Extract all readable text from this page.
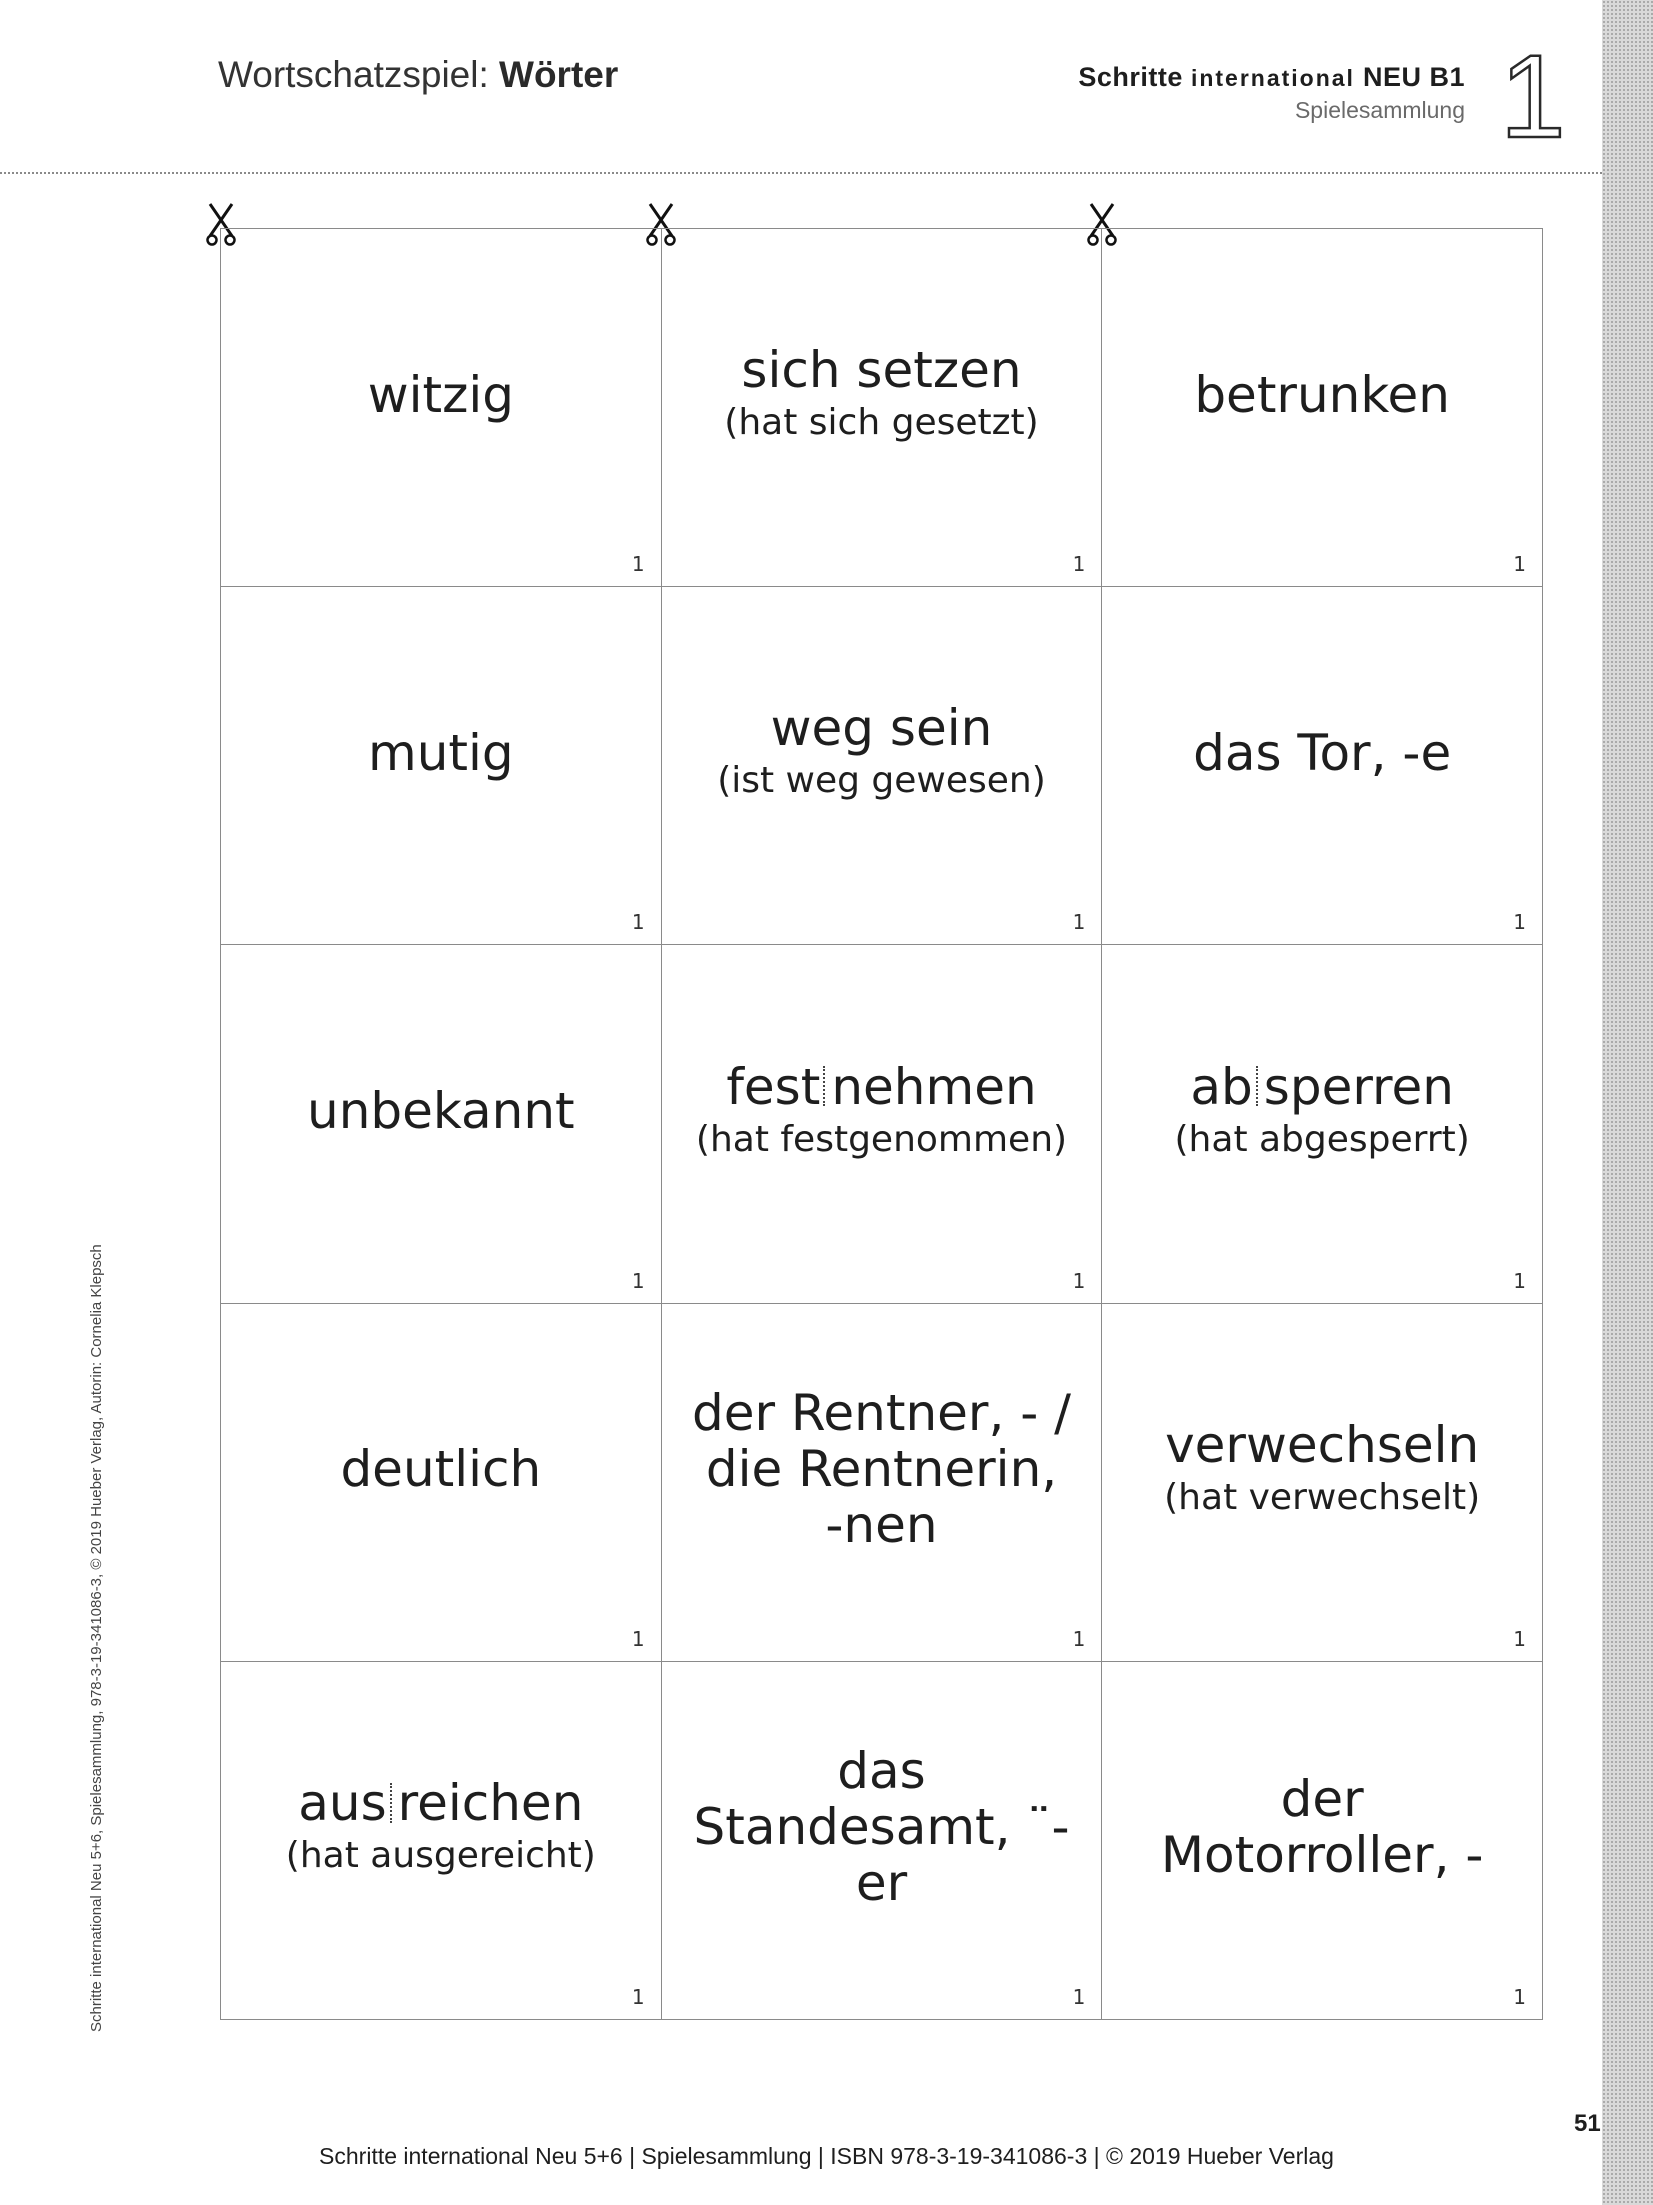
Wortschatzspiel: Wörter	Schritte international NEU B1
Spielesammlung 1
witzig
1
sich setzen
(hat sich gesetzt)
1
betrunken
1
mutig
1
weg sein
(ist weg gewesen)
1
das Tor, -e
1
unbekannt
1
fest nehmen
(hat festgenommen)
1
ab sperren
(hat abgesperrt)
1
deutlich
1
der Rentner, - /
die Rentnerin,
-nen
1
verwechseln
(hat verwechselt)
1
aus reichen
(hat ausgereicht)
1
das
Standesamt, ¨-er
1
der
Motorroller, -
1
Schritte international Neu 5+6, Spielesammlung, 978-3-19-341086-3, © 2019 Hueber Verlag, Autorin: Cornelia Klepsch
51
Schritte international Neu 5+6 | Spielesammlung | ISBN 978-3-19-341086-3 | © 2019 Hueber Verlag
